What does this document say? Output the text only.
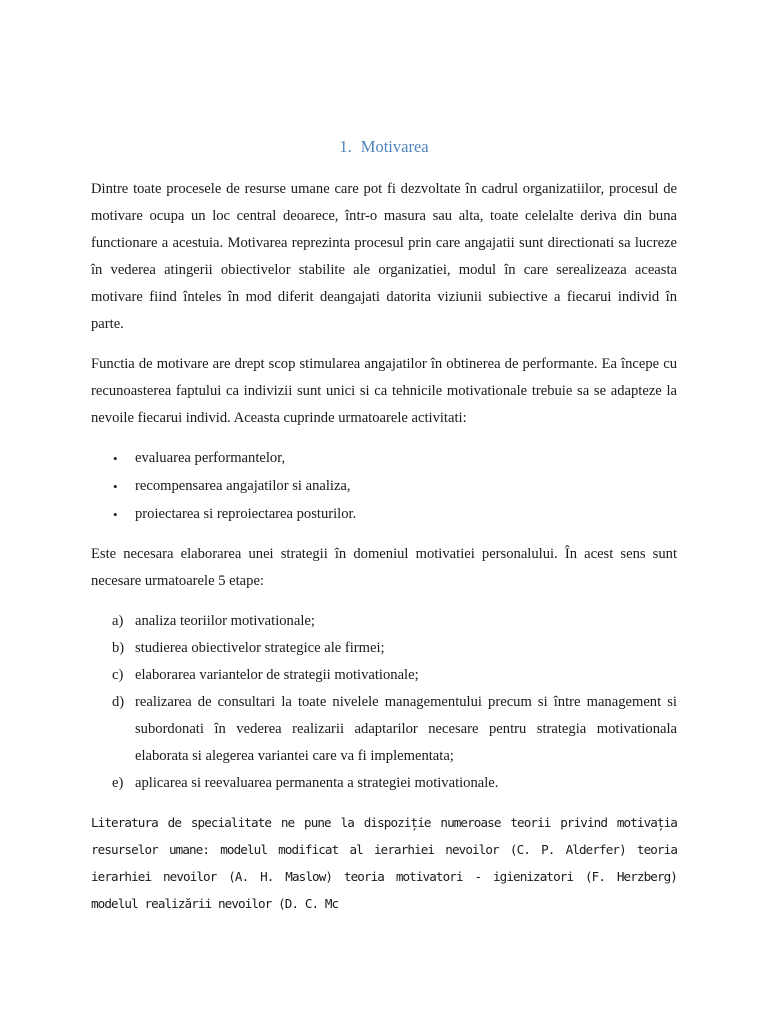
1. Motivarea

Dintre toate procesele de resurse umane care pot fi dezvoltate în cadrul organizatiilor, procesul de motivare ocupa un loc central deoarece, într-o masura sau alta, toate celelalte deriva din buna functionare a acestuia. Motivarea reprezinta procesul prin care angajatii sunt directionati sa lucreze în vederea atingerii obiectivelor stabilite ale organizatiei, modul în care serealizeaza aceasta motivare fiind înteles în mod diferit deangajati datorita viziunii subiective a fiecarui individ în parte.

Functia de motivare are drept scop stimularea angajatilor în obtinerea de performante. Ea începe cu recunoasterea faptului ca indivizii sunt unici si ca tehnicile motivationale trebuie sa se adapteze la nevoile fiecarui individ. Aceasta cuprinde urmatoarele activitati:

• evaluarea performantelor,
• recompensarea angajatilor si analiza,
• proiectarea si reproiectarea posturilor.

Este necesara elaborarea unei strategii în domeniul motivatiei personalului. În acest sens sunt necesare urmatoarele 5 etape:

a) analiza teoriilor motivationale;
b) studierea obiectivelor strategice ale firmei;
c) elaborarea variantelor de strategii motivationale;
d) realizarea de consultari la toate nivelele managementului precum si între management si subordonati în vederea realizarii adaptarilor necesare pentru strategia motivationala elaborata si alegerea variantei care va fi implementata;
e) aplicarea si reevaluarea permanenta a strategiei motivationale.

Literatura de specialitate ne pune la dispoziție numeroase teorii privind motivația resurselor umane: modelul modificat al ierarhiei nevoilor (C. P. Alderfer) teoria ierarhiei nevoilor (A. H. Maslow) teoria motivatori - igienizatori (F. Herzberg) modelul realizării nevoilor (D. C. Mc
